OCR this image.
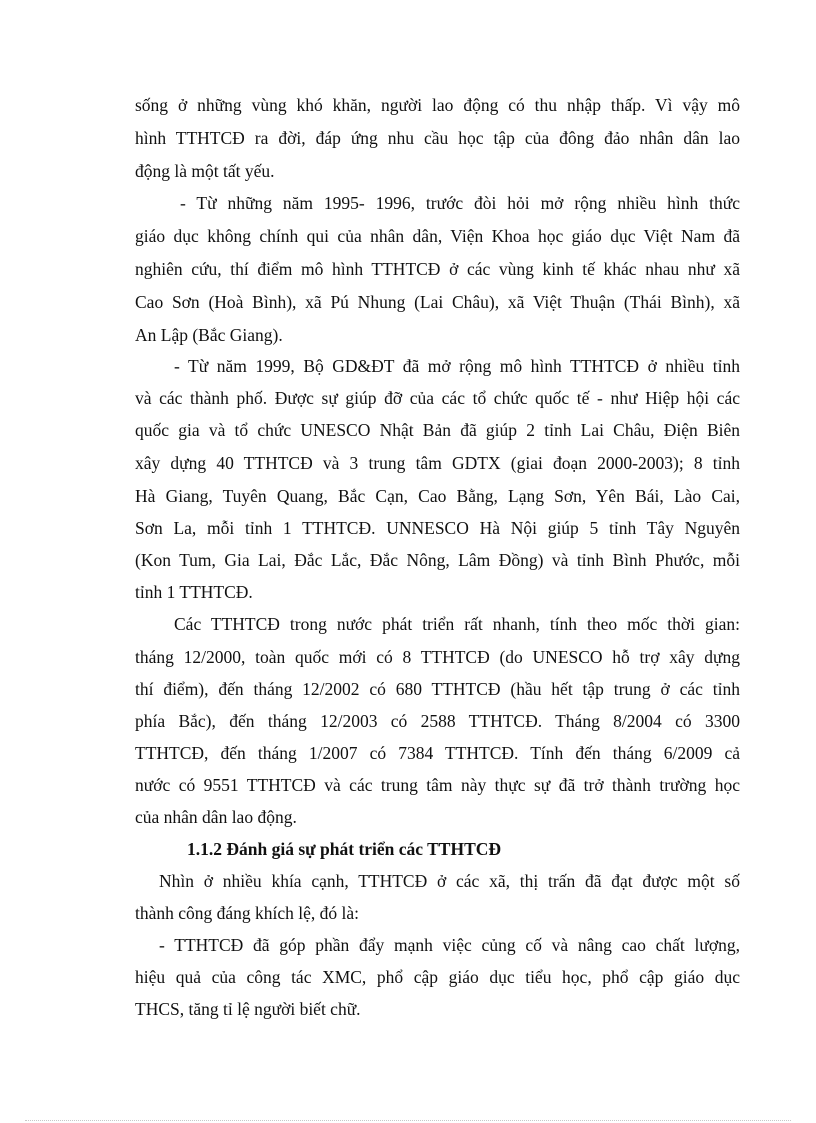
sống ở những vùng khó khăn, người lao động có thu nhập thấp. Vì vậy mô
hình TTHTCĐ ra đời, đáp ứng nhu cầu học tập của đông đảo nhân dân lao
động là một tất yếu.
- Từ những năm 1995- 1996, trước đòi hỏi mở rộng nhiều hình thức
giáo dục không chính qui của nhân dân, Viện Khoa học giáo dục Việt Nam đã
nghiên cứu, thí điểm mô hình TTHTCĐ ở các vùng kinh tế khác nhau như xã
Cao Sơn (Hoà Bình), xã Pú Nhung (Lai Châu), xã Việt Thuận (Thái Bình), xã
An Lập (Bắc Giang).
- Từ năm 1999, Bộ GD&ĐT đã mở rộng mô hình TTHTCĐ ở nhiều tỉnh
và các thành phố. Được sự giúp đỡ của các tổ chức quốc tế - như Hiệp hội các
quốc gia và tổ chức UNESCO Nhật Bản đã giúp 2 tỉnh Lai Châu, Điện Biên
xây dựng 40 TTHTCĐ và 3 trung tâm GDTX (giai đoạn 2000-2003); 8 tỉnh
Hà Giang, Tuyên Quang, Bắc Cạn, Cao Bằng, Lạng Sơn, Yên Bái, Lào Cai,
Sơn La, mỗi tỉnh 1 TTHTCĐ. UNNESCO Hà Nội giúp 5 tỉnh Tây Nguyên
(Kon Tum, Gia Lai, Đắc Lắc, Đắc Nông, Lâm Đồng) và tỉnh Bình Phước, mỗi
tỉnh 1 TTHTCĐ.
Các TTHTCĐ trong nước phát triển rất nhanh, tính theo mốc thời gian:
tháng 12/2000, toàn quốc mới có 8 TTHTCĐ (do UNESCO hỗ trợ xây dựng
thí điểm), đến tháng 12/2002 có 680 TTHTCĐ (hầu hết tập trung ở các tỉnh
phía Bắc), đến tháng 12/2003 có 2588 TTHTCĐ. Tháng 8/2004 có 3300
TTHTCĐ, đến tháng 1/2007 có 7384 TTHTCĐ. Tính đến tháng 6/2009 cả
nước có 9551 TTHTCĐ và các trung tâm này thực sự đã trở thành trường học
của nhân dân lao động.
1.1.2 Đánh giá sự phát triển các TTHTCĐ
Nhìn ở nhiều khía cạnh, TTHTCĐ ở các xã, thị trấn đã đạt được một số
thành công đáng khích lệ, đó là:
- TTHTCĐ đã góp phần đẩy mạnh việc củng cố và nâng cao chất lượng,
hiệu quả của công tác XMC, phổ cập giáo dục tiểu học, phổ cập giáo dục
THCS, tăng tỉ lệ người biết chữ.
